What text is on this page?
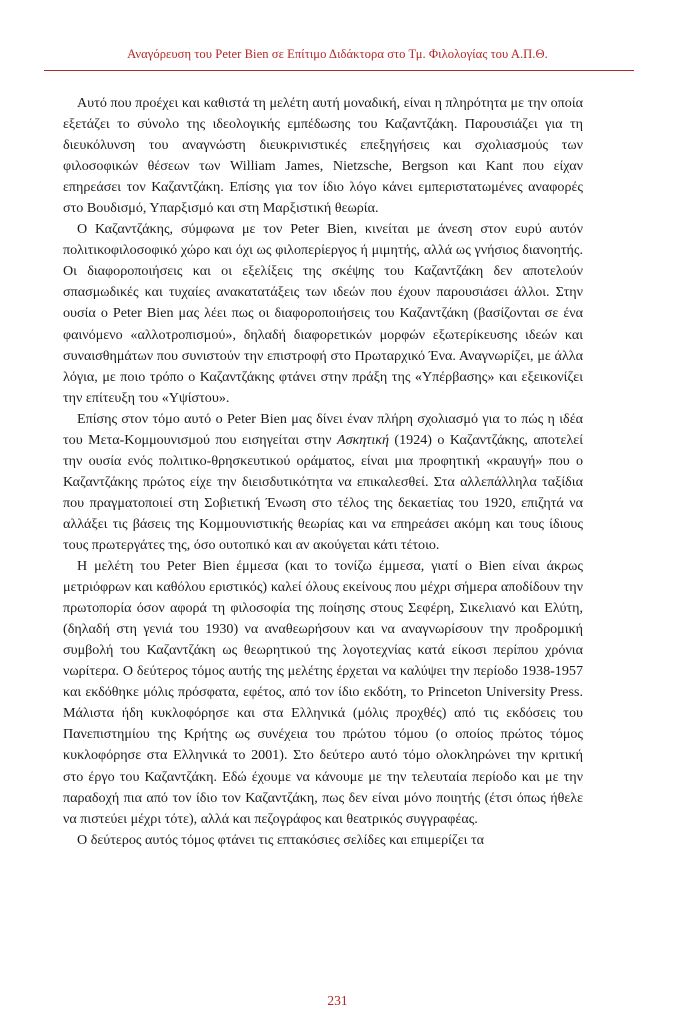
Αναγόρευση του Peter Bien σε Επίτιμο Διδάκτορα στο Τμ. Φιλολογίας του Α.Π.Θ.

Αυτό που προέχει και καθιστά τη μελέτη αυτή μοναδική, είναι η πληρότητα με την οποία εξετάζει το σύνολο της ιδεολογικής εμπέδωσης του Καζαντζάκη. Παρουσιάζει για τη διευκόλυνση του αναγνώστη διευκρινιστικές επεξηγήσεις και σχολιασμούς των φιλοσοφικών θέσεων των William James, Nietzsche, Bergson και Kant που είχαν επηρεάσει τον Καζαντζάκη. Επίσης για τον ίδιο λόγο κάνει εμπεριστατωμένες αναφορές στο Βουδισμό, Υπαρξισμό και στη Μαρξιστική θεωρία.

Ο Καζαντζάκης, σύμφωνα με τον Peter Bien, κινείται με άνεση στον ευρύ αυτόν πολιτικοφιλοσοφικό χώρο και όχι ως φιλοπερίεργος ή μιμητής, αλλά ως γνήσιος διανοητής. Οι διαφοροποιήσεις και οι εξελίξεις της σκέψης του Καζαντζάκη δεν αποτελούν σπασμωδικές και τυχαίες ανακατατάξεις των ιδεών που έχουν παρουσιάσει άλλοι. Στην ουσία ο Peter Bien μας λέει πως οι διαφοροποιήσεις του Καζαντζάκη (βασίζονται σε ένα φαινόμενο «αλλοτροπισμού», δηλαδή διαφορετικών μορφών εξωτερίκευσης ιδεών και συναισθημάτων που συνιστούν την επιστροφή στο Πρωταρχικό Ένα. Αναγνωρίζει, με άλλα λόγια, με ποιο τρόπο ο Καζαντζάκης φτάνει στην πράξη της «Υπέρβασης» και εξεικονίζει την επίτευξη του «Υψίστου».

Επίσης στον τόμο αυτό ο Peter Bien μας δίνει έναν πλήρη σχολιασμό για το πώς η ιδέα του Μετα-Κομμουνισμού που εισηγείται στην Ασκητική (1924) ο Καζαντζάκης, αποτελεί την ουσία ενός πολιτικο-θρησκευτικού οράματος, είναι μια προφητική «κραυγή» που ο Καζαντζάκης πρώτος είχε την διεισδυτικότητα να επικαλεσθεί. Στα αλλεπάλληλα ταξίδια που πραγματοποιεί στη Σοβιετική Ένωση στο τέλος της δεκαετίας του 1920, επιζητά να αλλάξει τις βάσεις της Κομμουνιστικής θεωρίας και να επηρεάσει ακόμη και τους ίδιους τους πρωτεργάτες της, όσο ουτοπικό και αν ακούγεται κάτι τέτοιο.

Η μελέτη του Peter Bien έμμεσα (και το τονίζω έμμεσα, γιατί ο Bien είναι άκρως μετριόφρων και καθόλου εριστικός) καλεί όλους εκείνους που μέχρι σήμερα αποδίδουν την πρωτοπορία όσον αφορά τη φιλοσοφία της ποίησης στους Σεφέρη, Σικελιανό και Ελύτη, (δηλαδή στη γενιά του 1930) να αναθεωρήσουν και να αναγνωρίσουν την προδρομική συμβολή του Καζαντζάκη ως θεωρητικού της λογοτεχνίας κατά είκοσι περίπου χρόνια νωρίτερα. Ο δεύτερος τόμος αυτής της μελέτης έρχεται να καλύψει την περίοδο 1938-1957 και εκδόθηκε μόλις πρόσφατα, εφέτος, από τον ίδιο εκδότη, το Princeton University Press. Μάλιστα ήδη κυκλοφόρησε και στα Ελληνικά (μόλις προχθές) από τις εκδόσεις του Πανεπιστημίου της Κρήτης ως συνέχεια του πρώτου τόμου (ο οποίος πρώτος τόμος κυκλοφόρησε στα Ελληνικά το 2001). Στο δεύτερο αυτό τόμο ολοκληρώνει την κριτική στο έργο του Καζαντζάκη. Εδώ έχουμε να κάνουμε με την τελευταία περίοδο και με την παραδοχή πια από τον ίδιο τον Καζαντζάκη, πως δεν είναι μόνο ποιητής (έτσι όπως ήθελε να πιστεύει μέχρι τότε), αλλά και πεζογράφος και θεατρικός συγγραφέας.

Ο δεύτερος αυτός τόμος φτάνει τις επτακόσιες σελίδες και επιμερίζει τα

231
